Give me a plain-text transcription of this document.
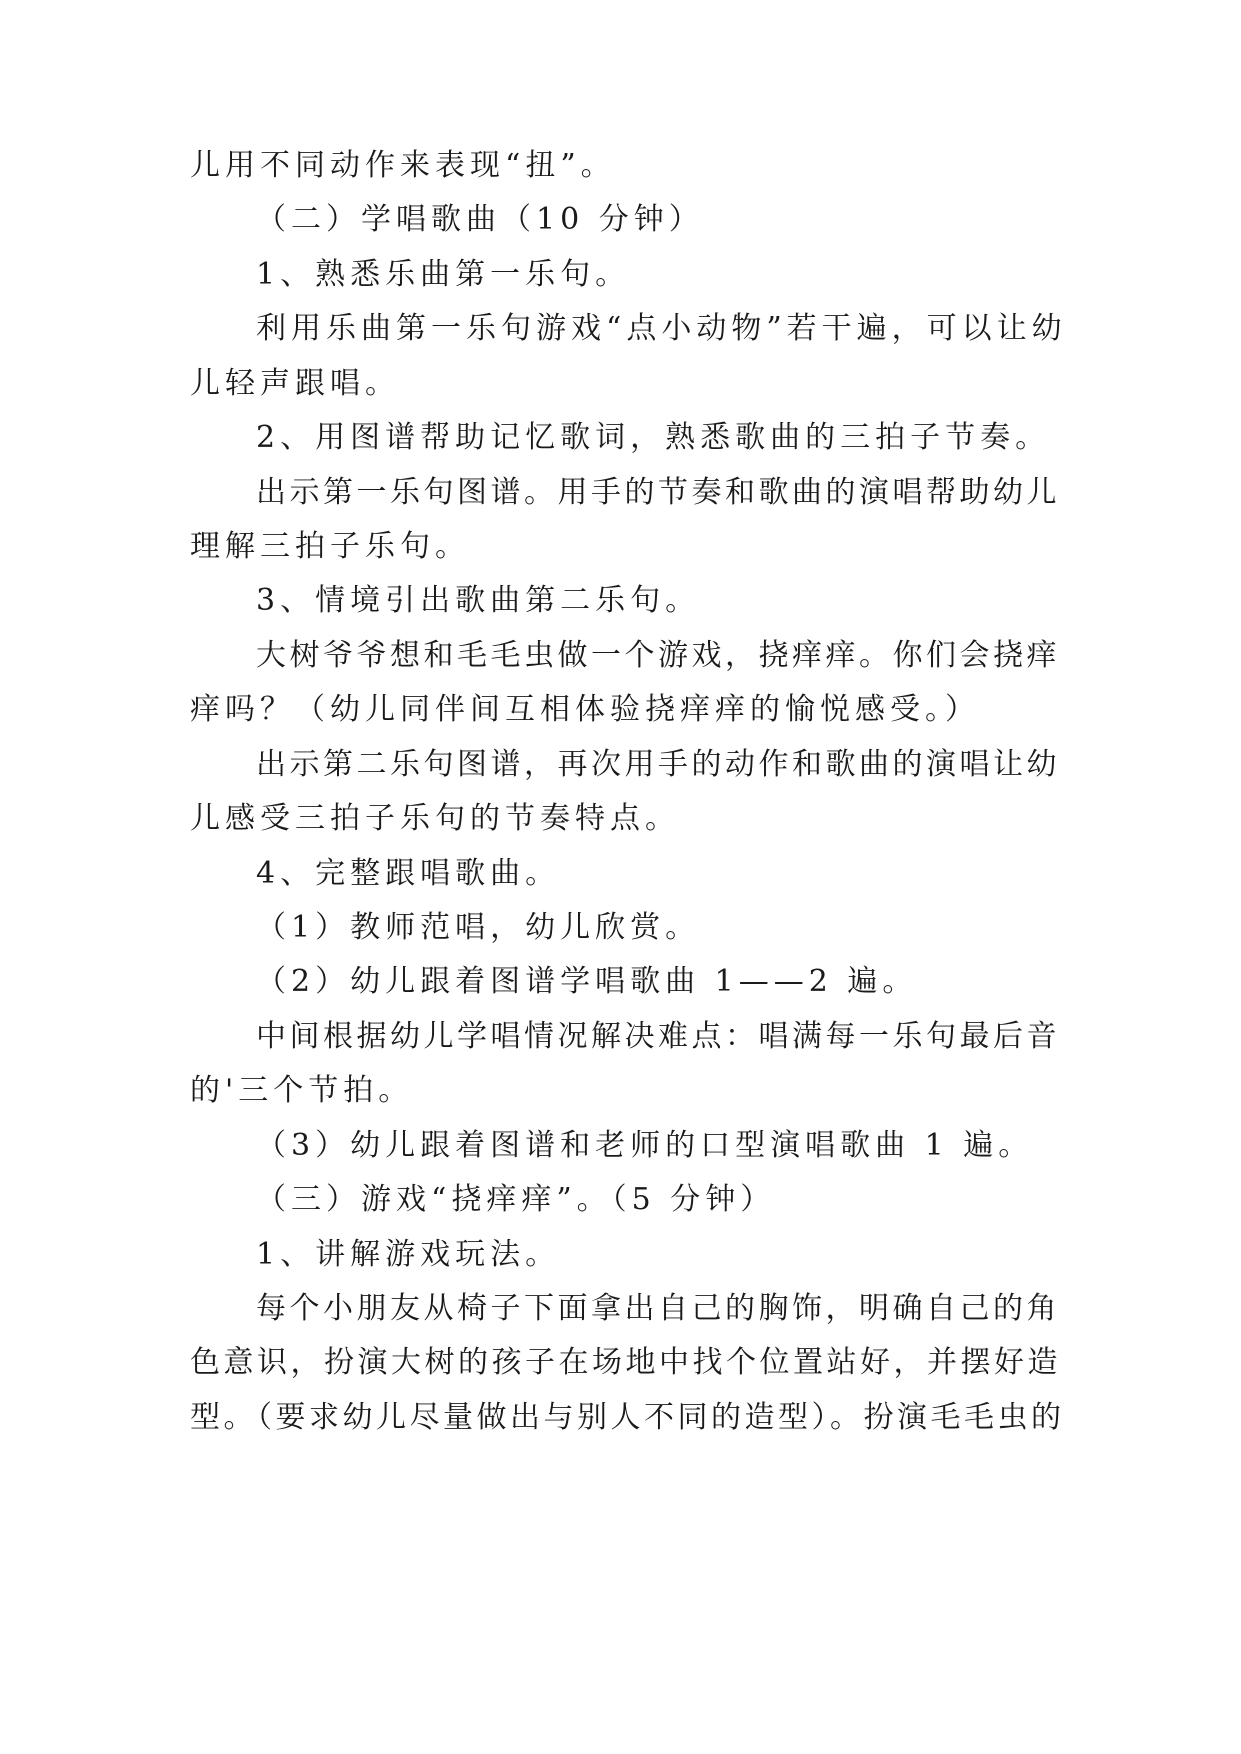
儿用不同动作来表现“扭”。
（二）学唱歌曲（10 分钟）
1、熟悉乐曲第一乐句。
利用乐曲第一乐句游戏“点小动物”若干遍，可以让幼
儿轻声跟唱。
2、用图谱帮助记忆歌词，熟悉歌曲的三拍子节奏。
出示第一乐句图谱。用手的节奏和歌曲的演唱帮助幼儿
理解三拍子乐句。
3、情境引出歌曲第二乐句。
大树爷爷想和毛毛虫做一个游戏，挠痒痒。你们会挠痒
痒吗？（幼儿同伴间互相体验挠痒痒的愉悦感受。）
出示第二乐句图谱，再次用手的动作和歌曲的演唱让幼
儿感受三拍子乐句的节奏特点。
4、完整跟唱歌曲。
（1）教师范唱，幼儿欣赏。
（2）幼儿跟着图谱学唱歌曲 1——2 遍。
中间根据幼儿学唱情况解决难点：唱满每一乐句最后音
的'三个节拍。
（3）幼儿跟着图谱和老师的口型演唱歌曲 1 遍。
（三）游戏“挠痒痒”。（5 分钟）
1、讲解游戏玩法。
每个小朋友从椅子下面拿出自己的胸饰，明确自己的角
色意识，扮演大树的孩子在场地中找个位置站好，并摆好造
型。（要求幼儿尽量做出与别人不同的造型）。扮演毛毛虫的
